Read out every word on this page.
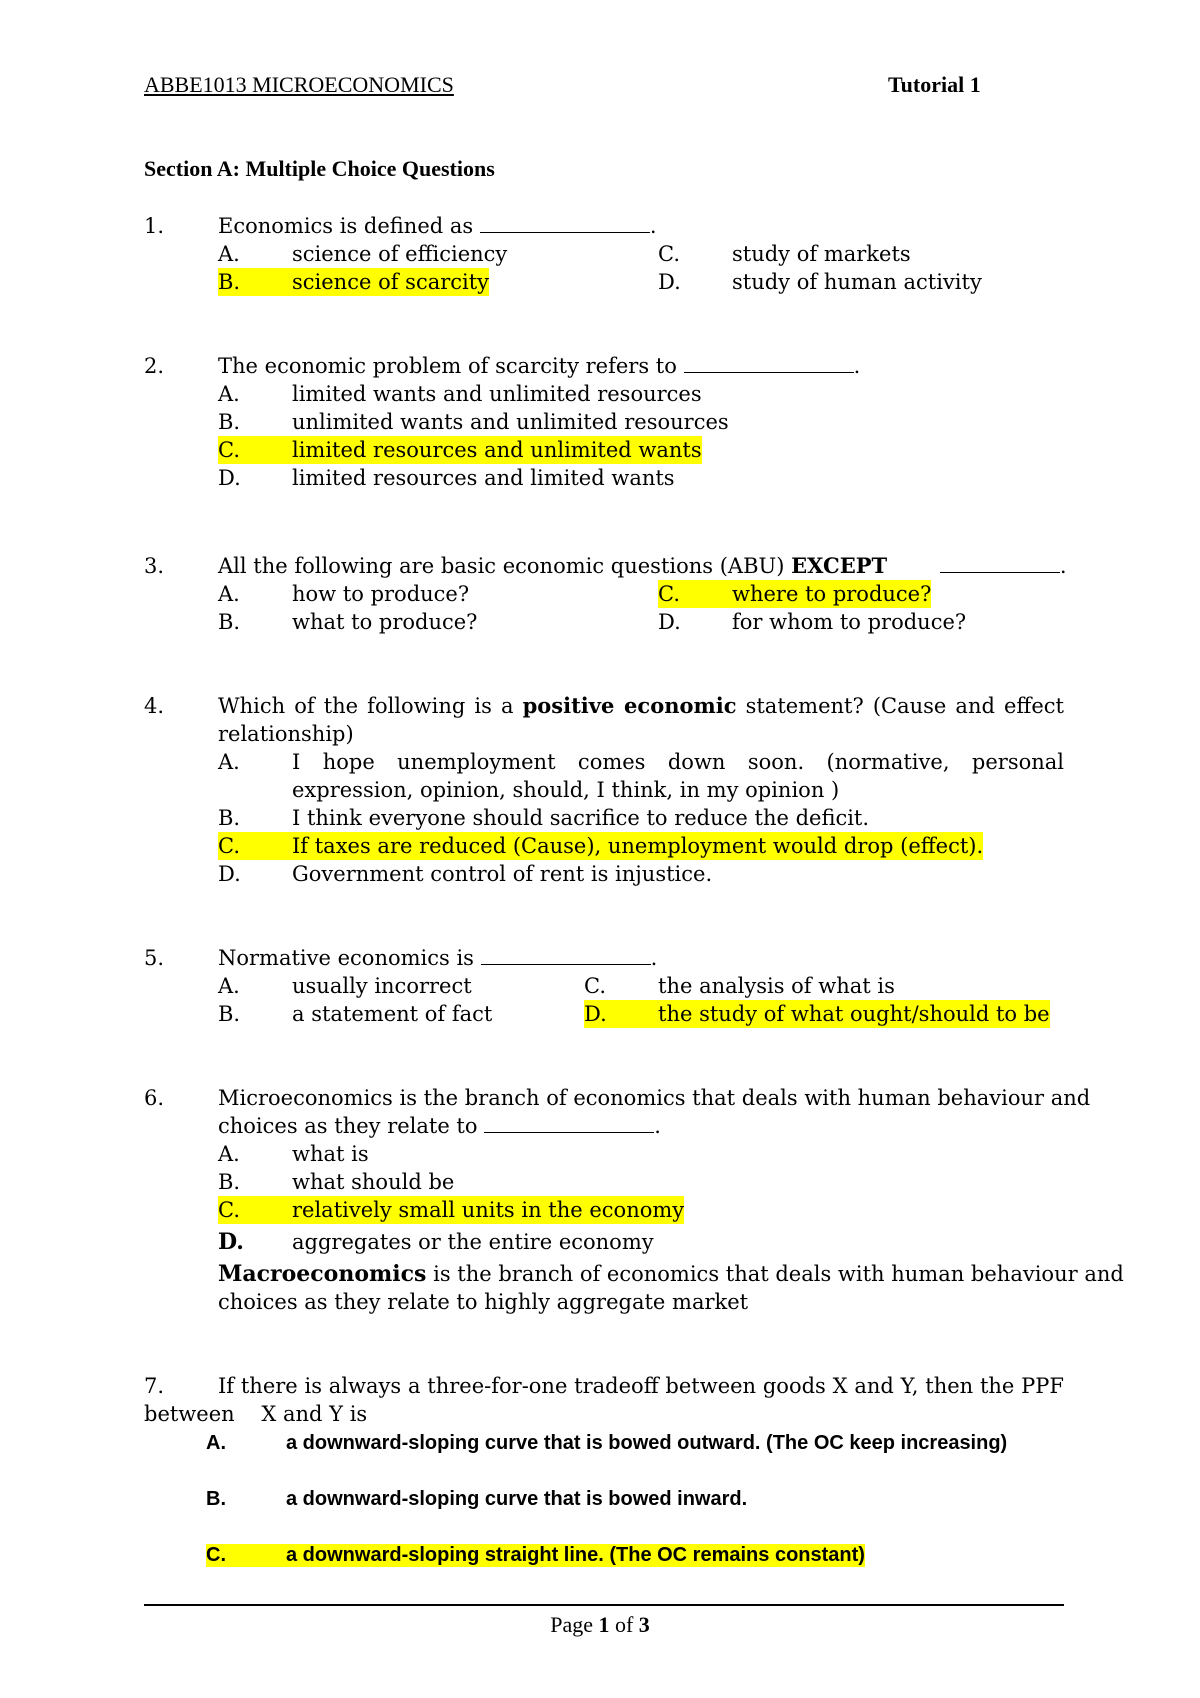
ABBE1013 MICROECONOMICS	Tutorial 1
Section A: Multiple Choice Questions
1.	Economics is defined as	.
A. science of efficiency	C. study of markets
B. science of scarcity	D. study of human activity
2.	The economic problem of scarcity refers to	.
A. limited wants and unlimited resources
B. unlimited wants and unlimited resources
C. limited resources and unlimited wants
D. limited resources and limited wants
3.	All the following are basic economic questions (ABU) EXCEPT	.
A. how to produce?	C. where to produce?
B. what to produce?	D. for whom to produce?
4.	Which of the following is a positive economic statement? (Cause and effect relationship)
A. I hope unemployment comes down soon. (normative, personal expression, opinion, should, I think, in my opinion )
B. I think everyone should sacrifice to reduce the deficit.
C. If taxes are reduced (Cause), unemployment would drop (effect).
D. Government control of rent is injustice.
5.	Normative economics is	.
A. usually incorrect	C. the analysis of what is
B. a statement of fact	D. the study of what ought/should to be
6.	Microeconomics is the branch of economics that deals with human behaviour and
choices as they relate to	.
A. what is
B. what should be
C. relatively small units in the economy
D. aggregates or the entire economy
Macroeconomics is the branch of economics that deals with human behaviour and
choices as they relate to highly aggregate market
7.	If there is always a three-for-one tradeoff between goods X and Y, then the PPF
between    X and Y is
A.	a downward-sloping curve that is bowed outward. (The OC keep increasing)
B.	a downward-sloping curve that is bowed inward.
C.	a downward-sloping straight line. (The OC remains constant)
Page 1 of 3
